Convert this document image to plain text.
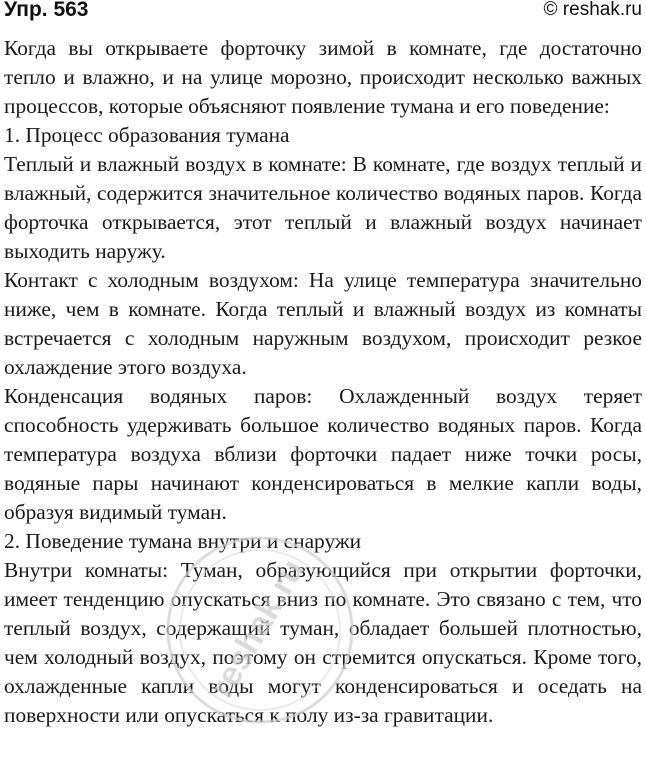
Упр. 563	© reshak.ru

Когда вы открываете форточку зимой в комнате, где достаточно тепло и влажно, и на улице морозно, происходит несколько важных процессов, которые объясняют появление тумана и его поведение:

1. Процесс образования тумана

Теплый и влажный воздух в комнате: В комнате, где воздух теплый и влажный, содержится значительное количество водяных паров. Когда форточка открывается, этот теплый и влажный воздух начинает выходить наружу.

Контакт с холодным воздухом: На улице температура значительно ниже, чем в комнате. Когда теплый и влажный воздух из комнаты встречается с холодным наружным воздухом, происходит резкое охлаждение этого воздуха.

Конденсация водяных паров: Охлажденный воздух теряет способность удерживать большое количество водяных паров. Когда температура воздуха вблизи форточки падает ниже точки росы, водяные пары начинают конденсироваться в мелкие капли воды, образуя видимый туман.

2. Поведение тумана внутри и снаружи

Внутри комнаты: Туман, образующийся при открытии форточки, имеет тенденцию опускаться вниз по комнате. Это связано с тем, что теплый воздух, содержащий туман, обладает большей плотностью, чем холодный воздух, поэтому он стремится опускаться. Кроме того, охлажденные капли воды могут конденсироваться и оседать на поверхности или опускаться к полу из-за гравитации.

reshak.ru
